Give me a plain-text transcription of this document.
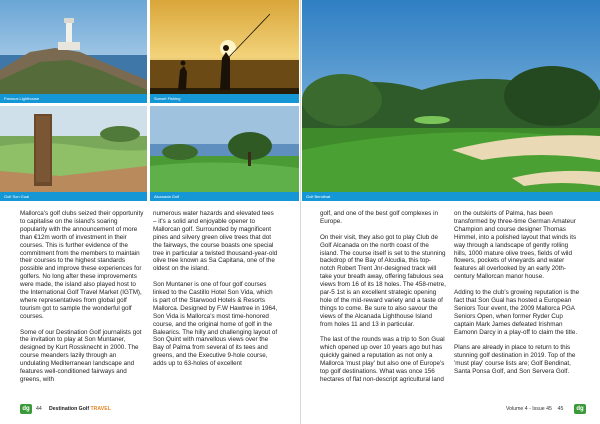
Famous Lighthouse	Sunset Fishing
Golf Son Gual	Alcanada Golf	Golf Bendinat

Mallorca's golf clubs seized their opportunity to capitalise on the island's soaring popularity with the announcement of more than €12m worth of investment in their courses. This is further evidence of the commitment from the members to maintain their courses to the highest standards possible and improve these experiences for golfers. No long after these improvements were made, the island also played host to the International Golf Travel Market (IGTM), where representatives from global golf tourism got to sample the wonderful golf courses.

Some of our Destination Golf journalists got the invitation to play at Son Muntaner, designed by Kurt Rossknecht in 2000. The course meanders lazily through an undulating Mediterranean landscape and features well-conditioned fairways and greens, with

numerous water hazards and elevated tees – it's a solid and enjoyable opener to Mallorcan golf. Surrounded by magnificent pines and silvery green olive trees that dot the fairways, the course boasts one special tree in particular a twisted thousand-year-old olive tree known as Sa Capitana, one of the oldest on the island.

Son Muntaner is one of four golf courses linked to the Castillo Hotel Son Vida, which is part of the Starwood Hotels & Resorts Mallorca. Designed by F.W Hawtree in 1964, Son Vida is Mallorca's most time-honored course, and the original home of golf in the Balearics. The hilly and challenging layout of Son Quint with marvellous views over the Bay of Palma from several of its tees and greens, and the Executive 9-hole course, adds up to 63-holes of excellent

golf, and one of the best golf complexes in Europe.

On their visit, they also got to play Club de Golf Alcanada on the north coast of the island. The course itself is set to the stunning backdrop of the Bay of Alcudia, this top-notch Robert Trent Jnr-designed track will take your breath away, offering fabulous sea views from 16 of its 18 holes. The 458-metre, par-5 1st is an excellent strategic opening hole of the mid-reward variety and a taste of things to come. Be sure to also savour the views of the Alcanada Lighthouse Island from holes 11 and 13 in particular.

The last of the rounds was a trip to Son Gual which opened up over 10 years ago but has quickly gained a reputation as not only a Mallorca 'must play' but also one of Europe's top golf destinations. What was once 156 hectares of flat non-descript agricultural land

on the outskirts of Palma, has been transformed by three-time German Amateur Champion and course designer Thomas Himmel, into a polished layout that winds its way through a landscape of gently rolling hills, 1000 mature olive trees, fields of wild flowers, pockets of vineyards and water features all overlooked by an early 20th-century Mallorcan manor house.

Adding to the club's growing reputation is the fact that Son Gual has hosted a European Seniors Tour event, the 2009 Mallorca PGA Seniors Open, when former Ryder Cup captain Mark James defeated Irishman Eamonn Darcy in a play-off to claim the title.

Plans are already in place to return to this stunning golf destination in 2019. Top of the 'must play' course lists are; Golf Bendinat, Santa Ponsa Golf, and Son Servera Golf.

dg	44 Destination Golf TRAVEL	Volume 4 - Issue 45 45	dg
